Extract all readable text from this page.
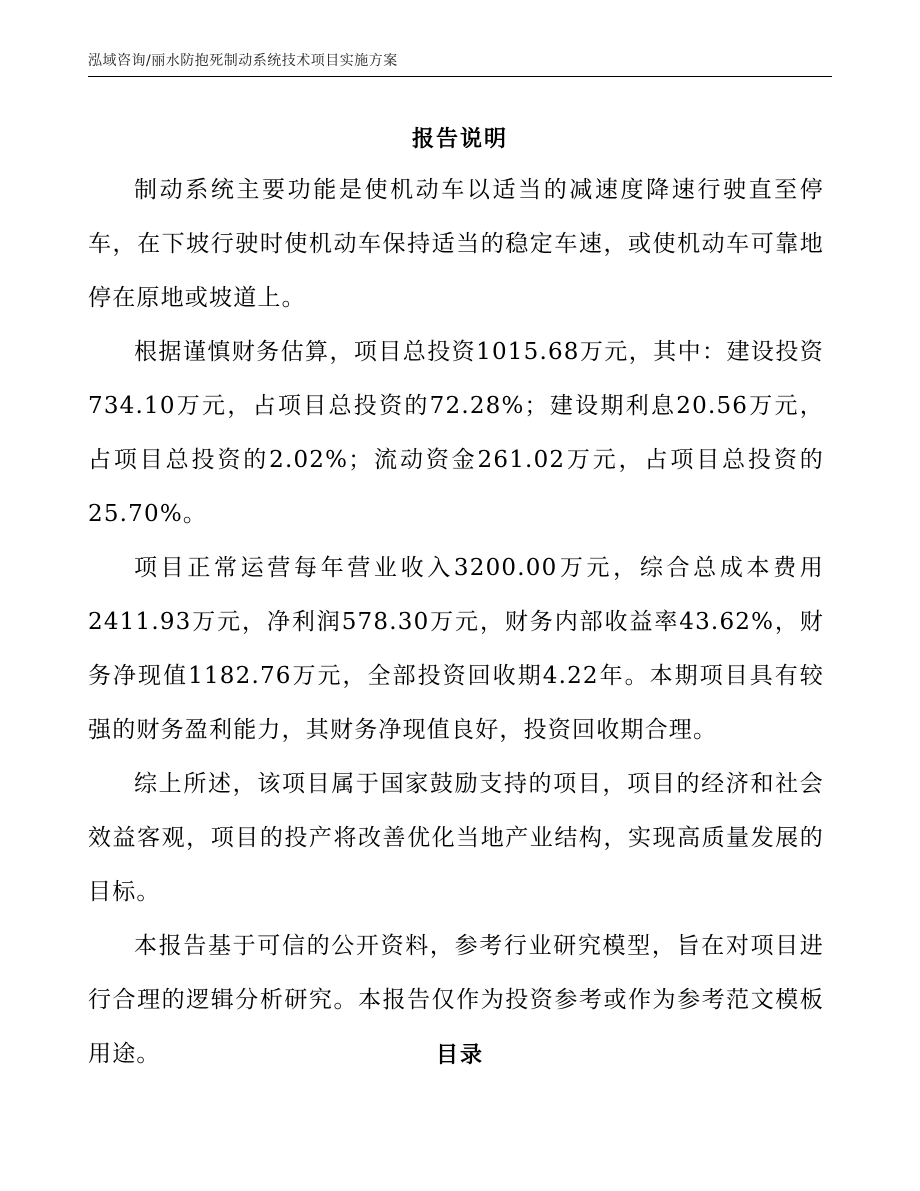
泓域咨询/丽水防抱死制动系统技术项目实施方案
报告说明

制动系统主要功能是使机动车以适当的减速度降速行驶直至停车，在下坡行驶时使机动车保持适当的稳定车速，或使机动车可靠地停在原地或坡道上。

根据谨慎财务估算，项目总投资1015.68万元，其中：建设投资734.10万元，占项目总投资的72.28%；建设期利息20.56万元，占项目总投资的2.02%；流动资金261.02万元，占项目总投资的25.70%。

项目正常运营每年营业收入3200.00万元，综合总成本费用2411.93万元，净利润578.30万元，财务内部收益率43.62%，财务净现值1182.76万元，全部投资回收期4.22年。本期项目具有较强的财务盈利能力，其财务净现值良好，投资回收期合理。

综上所述，该项目属于国家鼓励支持的项目，项目的经济和社会效益客观，项目的投产将改善优化当地产业结构，实现高质量发展的目标。

本报告基于可信的公开资料，参考行业研究模型，旨在对项目进行合理的逻辑分析研究。本报告仅作为投资参考或作为参考范文模板用途。	目录
